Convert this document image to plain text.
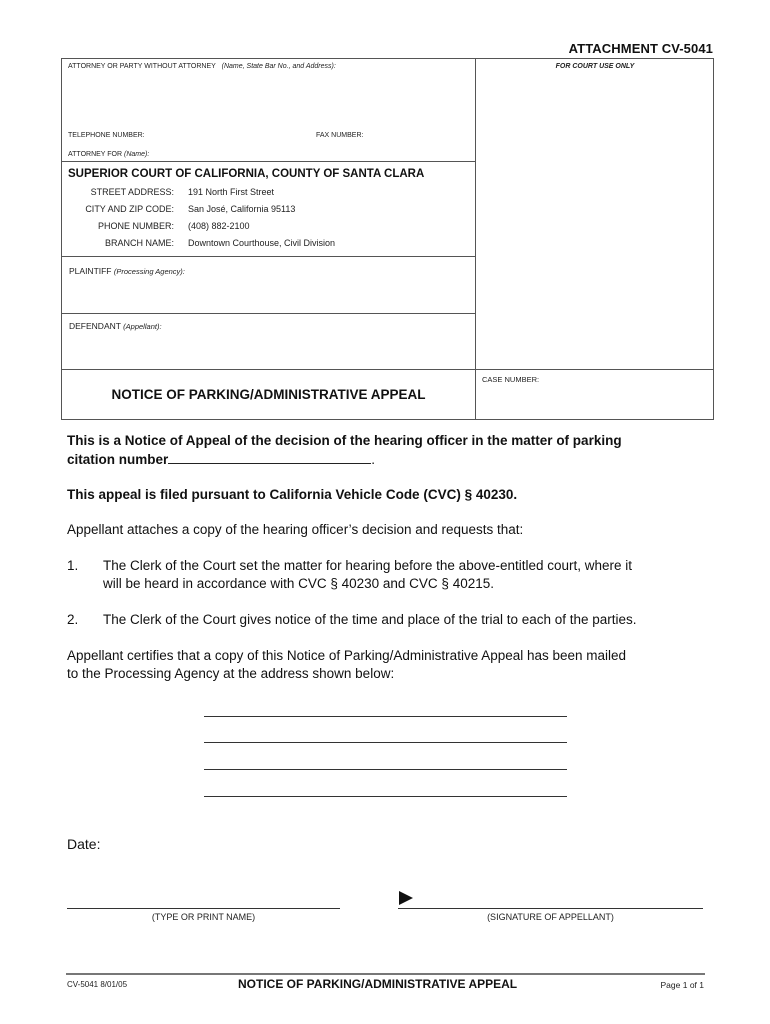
ATTACHMENT CV-5041
ATTORNEY OR PARTY WITHOUT ATTORNEY (Name, State Bar No., and Address):
TELEPHONE NUMBER:	FAX NUMBER:
ATTORNEY FOR (Name):
FOR COURT USE ONLY
SUPERIOR COURT OF CALIFORNIA, COUNTY OF SANTA CLARA
STREET ADDRESS: 191 North First Street
CITY AND ZIP CODE: San José, California 95113
PHONE NUMBER: (408) 882-2100
BRANCH NAME: Downtown Courthouse, Civil Division
PLAINTIFF (Processing Agency):
DEFENDANT (Appellant):
NOTICE OF PARKING/ADMINISTRATIVE APPEAL
CASE NUMBER:
This is a Notice of Appeal of the decision of the hearing officer in the matter of parking
citation number	.
This appeal is filed pursuant to California Vehicle Code (CVC) § 40230.
Appellant attaches a copy of the hearing officer’s decision and requests that:
1. The Clerk of the Court set the matter for hearing before the above-entitled court, where it
will be heard in accordance with CVC § 40230 and CVC § 40215.
2. The Clerk of the Court gives notice of the time and place of the trial to each of the parties.
Appellant certifies that a copy of this Notice of Parking/Administrative Appeal has been mailed
to the Processing Agency at the address shown below:
Date:
(TYPE OR PRINT NAME)	(SIGNATURE OF APPELLANT)
CV-5041 8/01/05	NOTICE OF PARKING/ADMINISTRATIVE APPEAL	Page 1 of 1
